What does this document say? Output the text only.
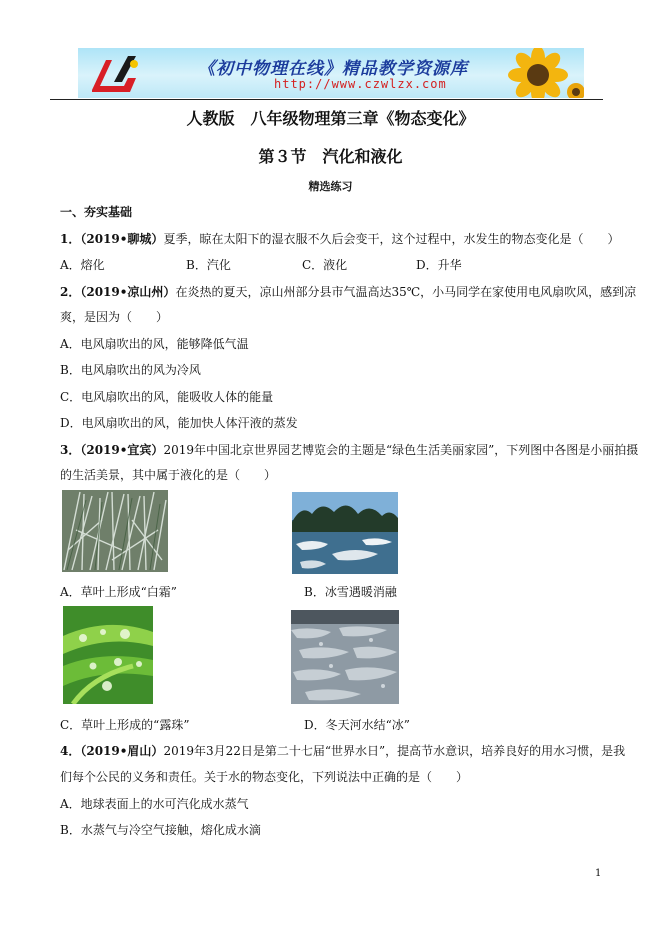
《初中物理在线》精品教学资源库
http://www.czwlzx.com
人教版　八年级物理第三章《物态变化》
第３节　汽化和液化
精选练习
一、夯实基础
1．（2019•聊城）夏季，晾在太阳下的湿衣服不久后会变干，这个过程中，水发生的物态变化是（　　）
A．熔化	B．汽化	C．液化	D．升华
2．（2019•凉山州）在炎热的夏天，凉山州部分县市气温高达35℃，小马同学在家使用电风扇吹风，感到凉
爽，是因为（　　）
A．电风扇吹出的风，能够降低气温
B．电风扇吹出的风为冷风
C．电风扇吹出的风，能吸收人体的能量
D．电风扇吹出的风，能加快人体汗液的蒸发
3．（2019•宜宾）2019年中国北京世界园艺博览会的主题是“绿色生活美丽家园”，下列图中各图是小丽拍摄
的生活美景，其中属于液化的是（　　）
A．草叶上形成“白霜”	B．冰雪遇暖消融
C．草叶上形成的“露珠”	D．冬天河水结“冰”
4．（2019•眉山）2019年3月22日是第二十七届“世界水日”，提高节水意识，培养良好的用水习惯，是我
们每个公民的义务和责任。关于水的物态变化，下列说法中正确的是（　　）
A．地球表面上的水可汽化成水蒸气
B．水蒸气与冷空气接触，熔化成水滴
1
